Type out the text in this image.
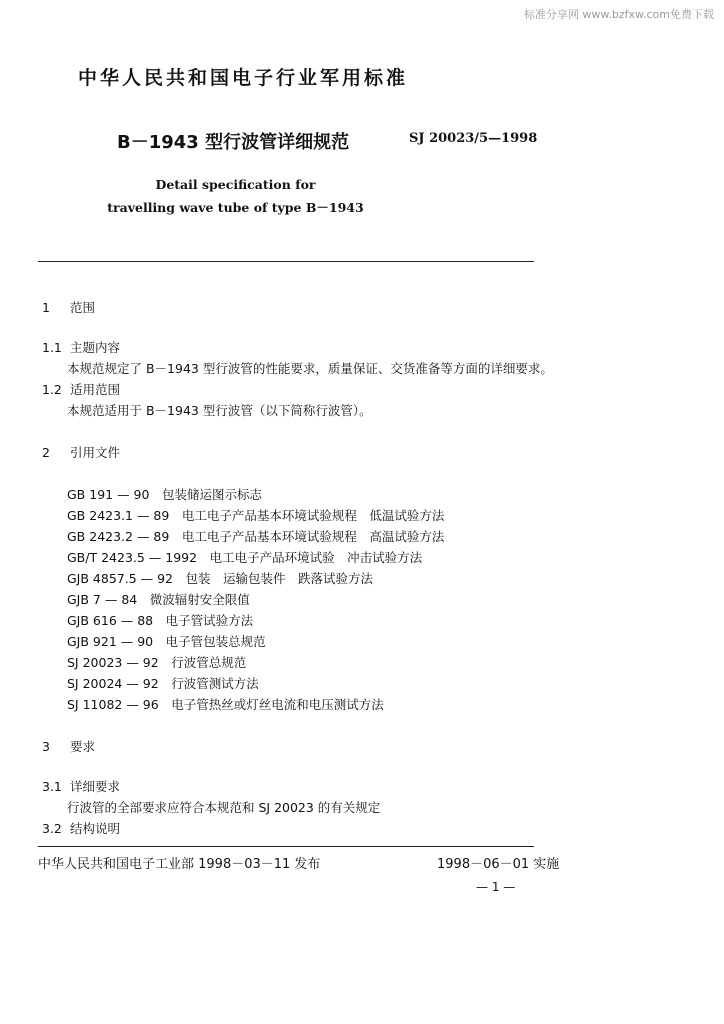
标准分享网 www.bzfxw.com免费下载
中华人民共和国电子行业军用标准
B－1943 型行波管详细规范	SJ 20023/5—1998
Detail specification for
travelling wave tube of type B－1943
1 范围
1.1 主题内容
本规范规定了 B－1943 型行波管的性能要求，质量保证、交货准备等方面的详细要求。
1.2 适用范围
本规范适用于 B－1943 型行波管（以下简称行波管）。
2 引用文件
GB 191 — 90　包装储运图示标志
GB 2423.1 — 89　电工电子产品基本环境试验规程　低温试验方法
GB 2423.2 — 89　电工电子产品基本环境试验规程　高温试验方法
GB/T 2423.5 — 1992　电工电子产品环境试验　冲击试验方法
GJB 4857.5 — 92　包装　运输包装件　跌落试验方法
GJB 7 — 84　微波辐射安全限值
GJB 616 — 88　电子管试验方法
GJB 921 — 90　电子管包装总规范
SJ 20023 — 92　行波管总规范
SJ 20024 — 92　行波管测试方法
SJ 11082 — 96　电子管热丝或灯丝电流和电压测试方法
3 要求
3.1 详细要求
行波管的全部要求应符合本规范和 SJ 20023 的有关规定
3.2 结构说明
中华人民共和国电子工业部 1998－03－11 发布	1998－06－01 实施
— 1 —
